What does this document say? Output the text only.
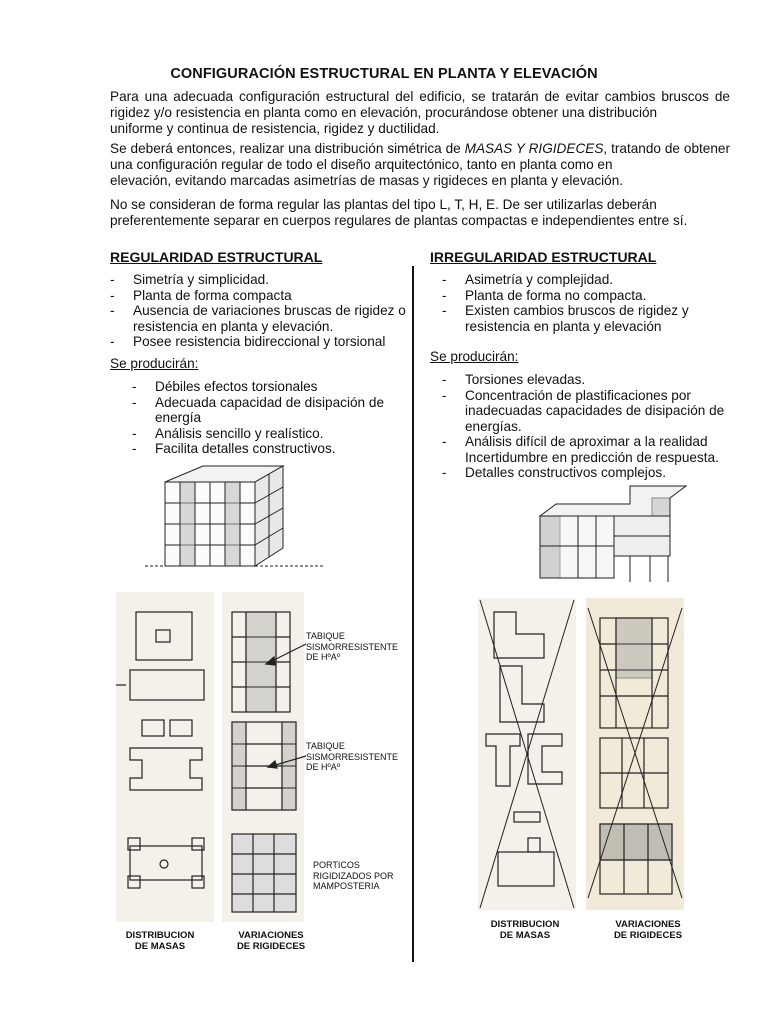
CONFIGURACIÓN ESTRUCTURAL EN PLANTA Y ELEVACIÓN
Para una adecuada configuración estructural del edificio, se tratarán de evitar cambios bruscos de rigidez y/o resistencia en planta como en elevación, procurándose obtener una distribución
uniforme y continua de resistencia, rigidez y ductilidad.
Se deberá entonces, realizar una distribución simétrica de MASAS Y RIGIDECES, tratando de obtener una configuración regular de todo el diseño arquitectónico, tanto en planta como en
elevación, evitando marcadas asimetrías de masas y rigideces en planta y elevación.
No se consideran de forma regular las plantas del tipo L, T, H, E. De ser utilizarlas deberán
preferentemente separar en cuerpos regulares de plantas compactas e independientes entre sí.
REGULARIDAD ESTRUCTURAL	IRREGULARIDAD ESTRUCTURAL
- Simetría y simplicidad.
- Planta de forma compacta
- Ausencia de variaciones bruscas de rigidez o resistencia en planta y elevación.
- Posee resistencia bidireccional y torsional
Se producirán:
- Débiles efectos torsionales
- Adecuada capacidad de disipación de energía
- Análisis sencillo y realístico.
- Facilita detalles constructivos.
- Asimetría y complejidad.
- Planta de forma no compacta.
- Existen cambios bruscos de rigidez y resistencia en planta y elevación
Se producirán:
- Torsiones elevadas.
- Concentración de plastificaciones por inadecuadas capacidades de disipación de energías.
- Análisis difícil de aproximar a la realidad Incertidumbre en predicción de respuesta.
- Detalles constructivos complejos.
TABIQUE
SISMORRESISTENTE
DE HºAº
TABIQUE
SISMORRESISTENTE
DE HºAº
PORTICOS
RIGIDIZADOS POR
MAMPOSTERIA
DISTRIBUCION
DE MASAS
VARIACIONES
DE RIGIDECES
DISTRIBUCION
DE MASAS
VARIACIONES
DE RIGIDECES
